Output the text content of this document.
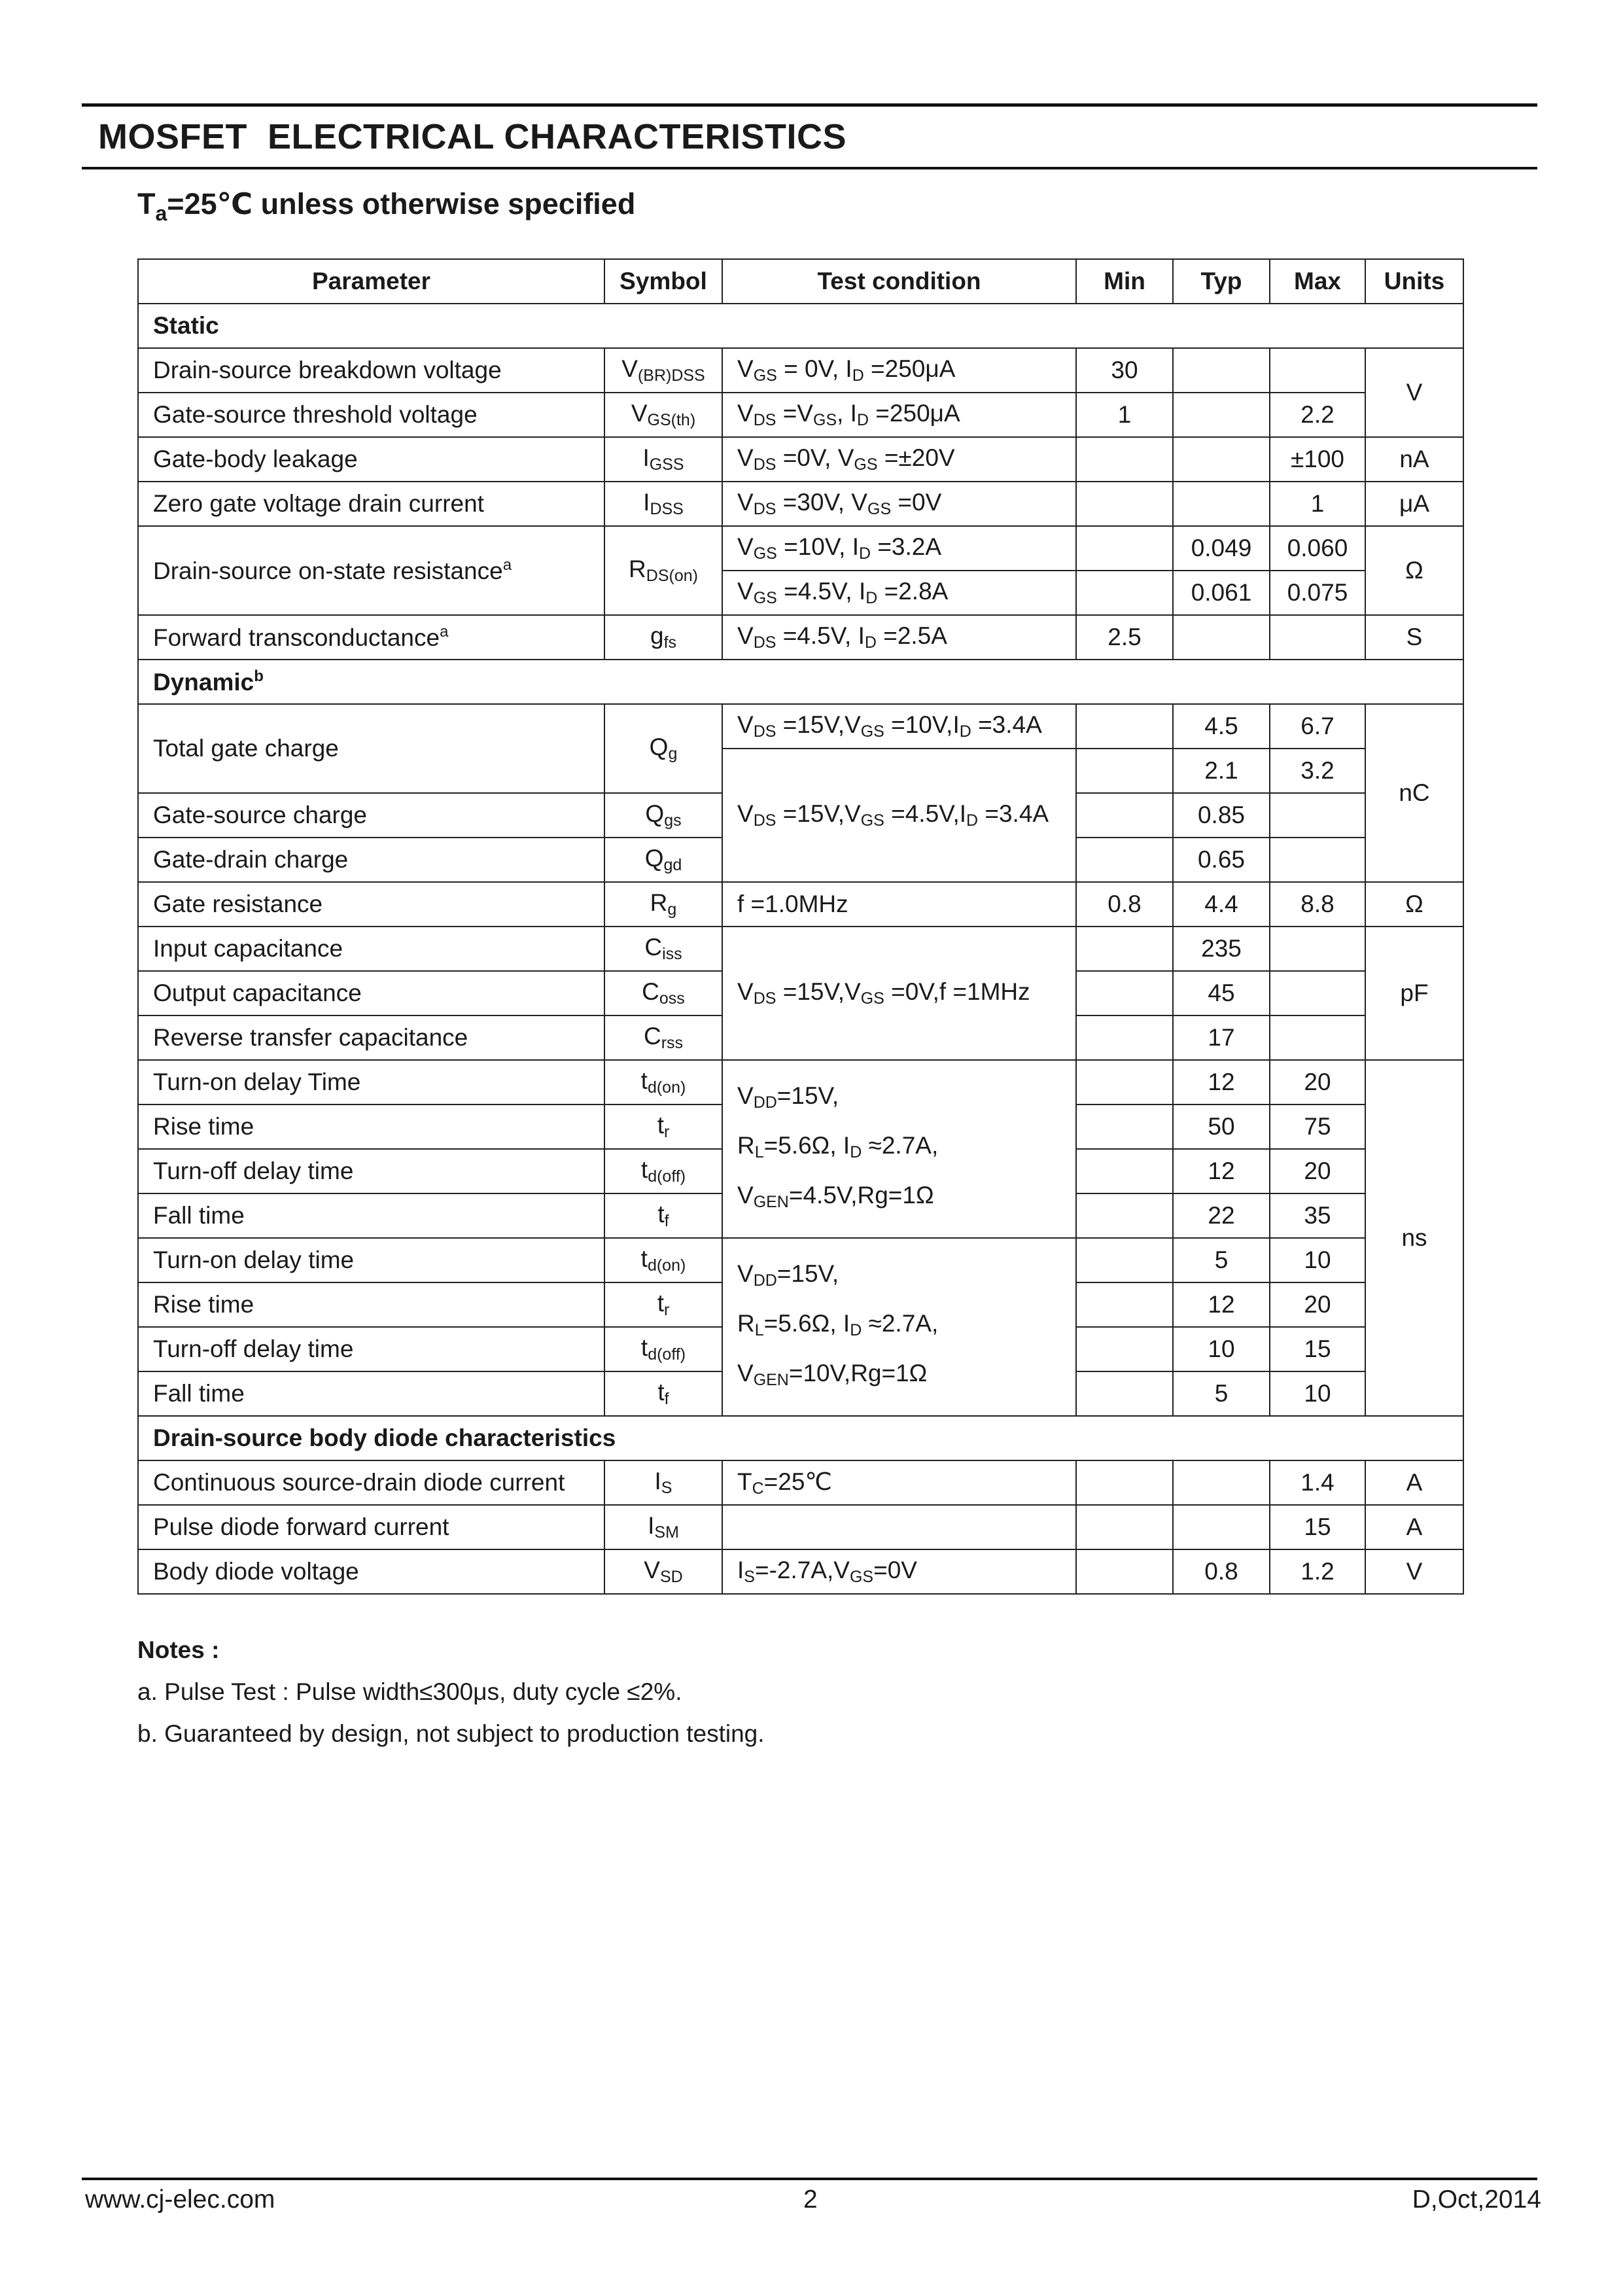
MOSFET  ELECTRICAL CHARACTERISTICS
$T_a=25℃$ unless otherwise specified
Parameter	Symbol	Test condition	Min	Typ	Max	Units
Static						
Drain-source breakdown voltage	$V_{(BR)DSS}$	$V_{GS} = 0V$, $I_D =250\mu A$	30			V
Gate-source threshold voltage	$V_{GS(th)}$	$V_{DS} =V_{GS}$, $I_D =250\mu A$	1		2.2	
Gate-body leakage	$I_{GSS}$	$V_{DS} =0V$, $V_{GS} =\pm 20V$			±100	nA
Zero gate voltage drain current	$I_{DSS}$	$V_{DS} =30V$, $V_{GS} =0V$			1	μA
Drain-source on-state resistance$^a$	$R_{DS(on)}$	$V_{GS} =10V$, $I_D =3.2A$		0.049	0.060	Ω
		$V_{GS} =4.5V$, $I_D =2.8A$		0.061	0.075	
Forward transconductance$^a$	$g_{fs}$	$V_{DS} =4.5V$, $I_D =2.5A$	2.5			S
Dynamic$^b$
Total gate charge	$Q_g$	$V_{DS} =15V,V_{GS} =10V,I_D =3.4A$		4.5	6.7	nC
		$V_{DS} =15V,V_{GS} =4.5V,I_D =3.4A$		2.1	3.2	
Gate-source charge	$Q_{gs}$			0.85		
Gate-drain charge	$Q_{gd}$			0.65		
Gate resistance	$R_g$	f =1.0MHz	0.8	4.4	8.8	Ω
Input capacitance	$C_{iss}$	$V_{DS} =15V,V_{GS} =0V,f =1MHz$		235		pF
Output capacitance	$C_{oss}$			45		
Reverse transfer capacitance	$C_{rss}$			17		
Turn-on delay Time	$t_{d(on)}$	$V_{DD}=15V$,
$R_L=5.6\Omega$, $I_D \approx 2.7A$,
$V_{GEN}=4.5V,Rg=1\Omega$		12	20	ns
Rise time	$t_r$			50	75	
Turn-off delay time	$t_{d(off)}$			12	20	
Fall time	$t_f$			22	35	
Turn-on delay time	$t_{d(on)}$	$V_{DD}=15V$,
$R_L=5.6\Omega$, $I_D \approx 2.7A$,
$V_{GEN}=10V,Rg=1\Omega$		5	10	
Rise time	$t_r$			12	20	
Turn-off delay time	$t_{d(off)}$			10	15	
Fall time	$t_f$			5	10	
Drain-source body diode characteristics						
Continuous source-drain diode current	$I_S$	$T_C=25℃$			1.4	A
Pulse diode forward current	$I_{SM}$				15	A
Body diode voltage	$V_{SD}$	$I_S=-2.7A,V_{GS}=0V$		0.8	1.2	V
Notes :
a. Pulse Test : Pulse width≤300μs, duty cycle ≤2%.
b. Guaranteed by design, not subject to production testing.
www.cj-elec.com	2	D,Oct,2014
